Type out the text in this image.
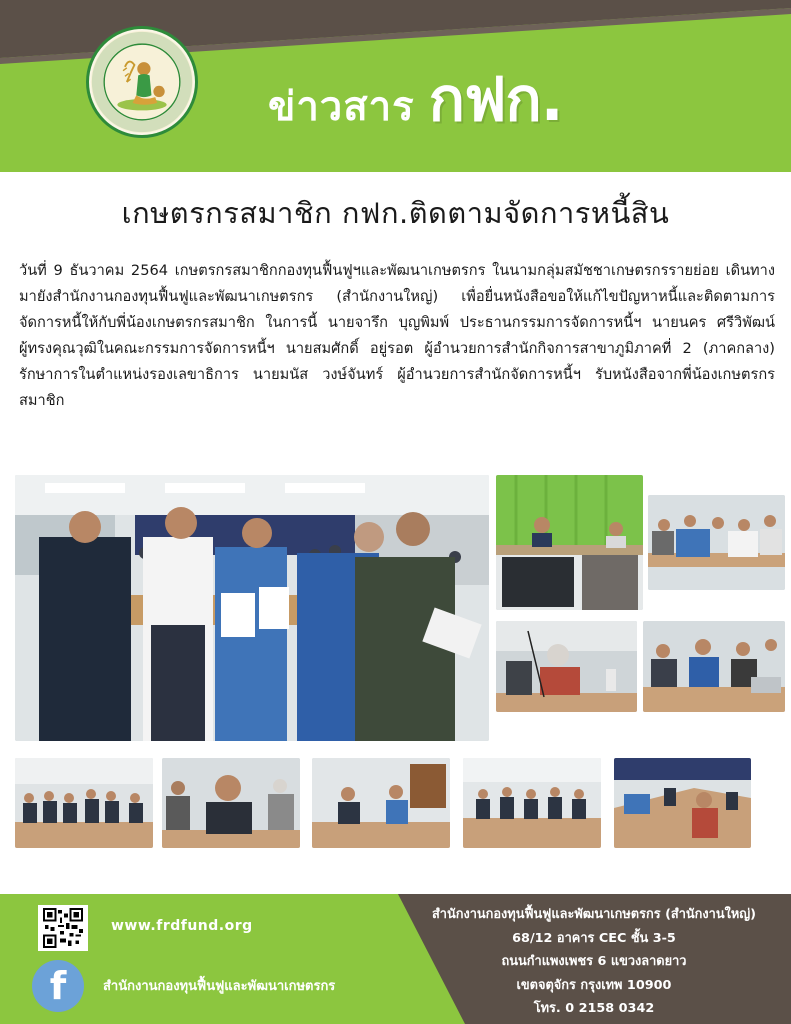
ข่าวสาร กฟก.
เกษตรกรสมาชิก กฟก.ติดตามจัดการหนี้สิน

วันที่ 9 ธันวาคม 2564 เกษตรกรสมาชิกกองทุนฟื้นฟูฯและพัฒนาเกษตรกร ในนามกลุ่มสมัชชาเกษตรกรรายย่อย เดินทางมายังสำนักงานกองทุนฟื้นฟูและพัฒนาเกษตรกร (สำนักงานใหญ่) เพื่อยื่นหนังสือขอให้แก้ไขปัญหาหนี้และติดตามการจัดการหนี้ให้กับพี่น้องเกษตรกรสมาชิก ในการนี้ นายจารึก บุญพิมพ์ ประธานกรรมการจัดการหนี้ฯ นายนคร ศรีวิพัฒน์ ผู้ทรงคุณวุฒิในคณะกรรมการจัดการหนี้ฯ นายสมศักดิ์ อยู่รอต ผู้อำนวยการสำนักกิจการสาขาภูมิภาคที่ 2 (ภาคกลาง) รักษาการในตำแหน่งรองเลขาธิการ นายมนัส วงษ์จันทร์ ผู้อำนวยการสำนักจัดการหนี้ฯ รับหนังสือจากพี่น้องเกษตรกรสมาชิก

www.frdfund.org
f	สำนักงานกองทุนฟื้นฟูและพัฒนาเกษตรกร
สำนักงานกองทุนฟื้นฟูและพัฒนาเกษตรกร (สำนักงานใหญ่)
68/12 อาคาร CEC ชั้น 3-5
ถนนกำแพงเพชร 6 แขวงลาดยาว
เขตจตุจักร กรุงเทพ 10900
โทร. 0 2158 0342
